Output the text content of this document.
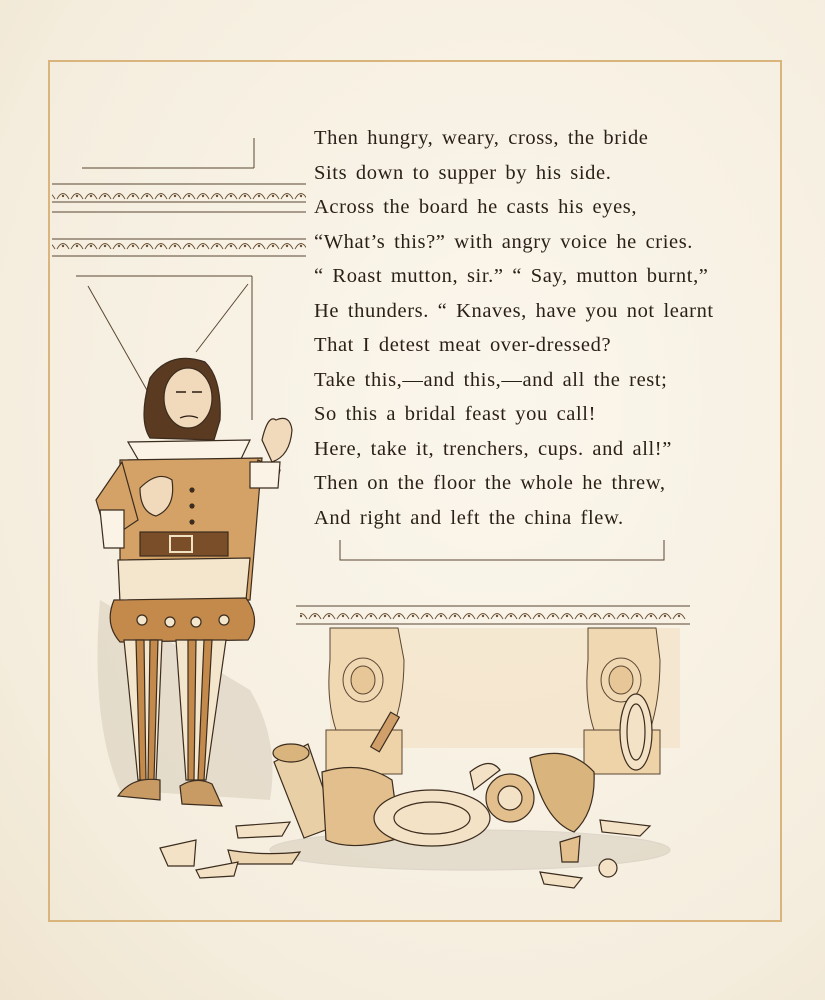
Then hungry, weary, cross, the bride
Sits down to supper by his side.
Across the board he casts his eyes,
“What’s this?” with angry voice he cries.
“ Roast mutton, sir.” “ Say, mutton burnt,”
He thunders. “ Knaves, have you not learnt
That I detest meat over-dressed?
Take this,—and this,—and all the rest;
So this a bridal feast you call!
Here, take it, trenchers, cups. and all!”
Then on the floor the whole he threw,
And right and left the china flew.
